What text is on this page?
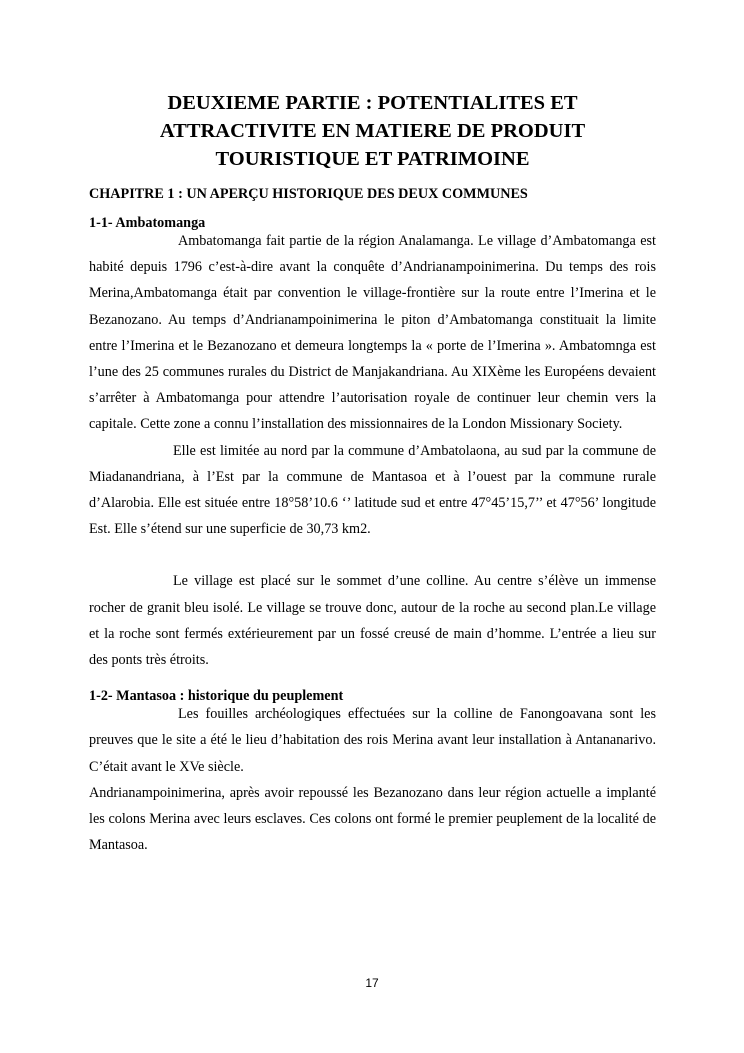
DEUXIEME PARTIE : POTENTIALITES ET ATTRACTIVITE EN MATIERE DE PRODUIT TOURISTIQUE ET PATRIMOINE
CHAPITRE 1 : UN APERÇU HISTORIQUE DES DEUX COMMUNES
1-1- Ambatomanga

Ambatomanga fait partie de la région Analamanga. Le village d’Ambatomanga est habité depuis 1796 c’est-à-dire avant la conquête d’Andrianampoinimerina. Du temps des rois Merina,Ambatomanga était par convention le village-frontière sur la route entre l’Imerina et le Bezanozano. Au temps d’Andrianampoinimerina le piton d’Ambatomanga constituait la limite entre l’Imerina et le Bezanozano et demeura longtemps la « porte de l’Imerina ». Ambatomnga est l’une des 25 communes rurales du District de Manjakandriana. Au XIXème les Européens devaient s’arrêter à Ambatomanga pour attendre l’autorisation royale de continuer leur chemin vers la capitale. Cette zone a connu l’installation des missionnaires de la London Missionary Society.

Elle est limitée au nord par la commune d’Ambatolaona, au sud par la commune de Miadanandriana, à l’Est par la commune de Mantasoa et à l’ouest par la commune rurale d’Alarobia. Elle est située entre 18°58’10.6 ‘’ latitude sud et entre 47°45’15,7’’ et 47°56’ longitude Est. Elle s’étend sur une superficie de 30,73 km2.

Le village est placé sur le sommet d’une colline. Au centre s’élève un immense rocher de granit bleu isolé. Le village se trouve donc, autour de la roche au second plan.Le village et la roche sont fermés extérieurement par un fossé creusé de main d’homme. L’entrée a lieu sur des ponts très étroits.

1-2- Mantasoa : historique du peuplement

Les fouilles archéologiques effectuées sur la colline de Fanongoavana sont les preuves que le site a été le lieu d’habitation des rois Merina avant leur installation à Antananarivo. C’était avant le XVe siècle.

Andrianampoinimerina, après avoir repoussé les Bezanozano dans leur région actuelle a implanté les colons Merina avec leurs esclaves. Ces colons ont formé le premier peuplement de la localité de Mantasoa.

17
